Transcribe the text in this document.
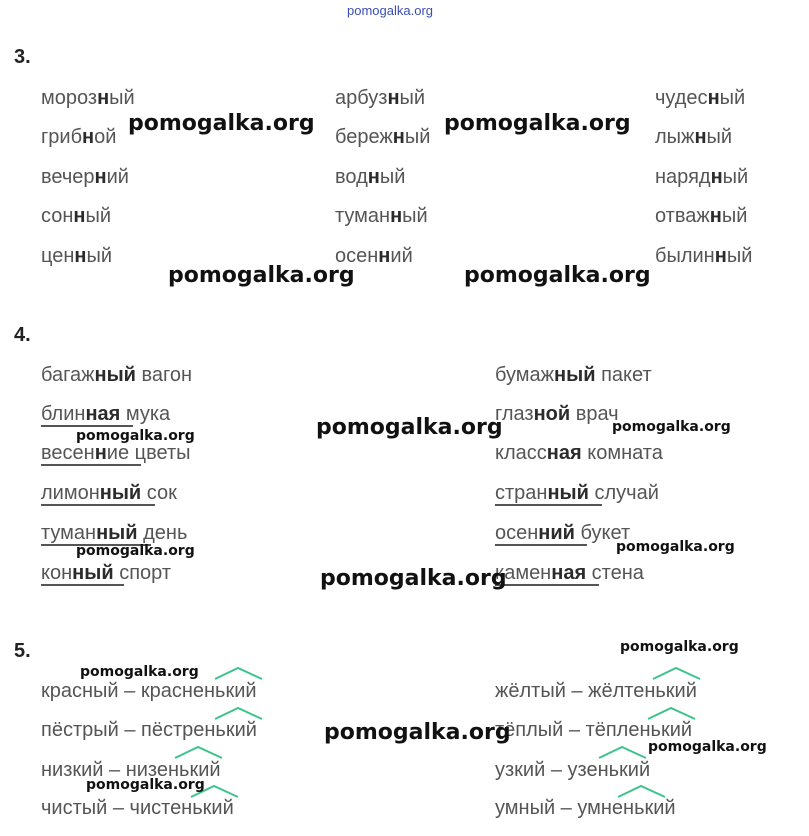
pomogalka.org
3.
морозный
грибной
вечерний
сонный
ценный
арбузный
бережный
водный
туманный
осенний
чудесный
лыжный
нарядный
отважный
былинный
pomogalka.org	pomogalka.org
pomogalka.org	pomogalka.org
4.
багажный вагон
блинная мука
весенние цветы
лимонный сок
туманный день
конный спорт
бумажный пакет
глазной врач
классная комната
странный случай
осенний букет
каменная стена
pomogalka.org
pomogalka.org
pomogalka.org
pomogalka.org	pomogalka.org
pomogalka.org
5.
красный – красненький
пёстрый – пёстренький
низкий – низенький
чистый – чистенький
жёлтый – жёлтенький
тёплый – тёпленький
узкий – узенький
умный – умненький
pomogalka.org
pomogalka.org
pomogalka.org
pomogalka.org
pomogalka.org
